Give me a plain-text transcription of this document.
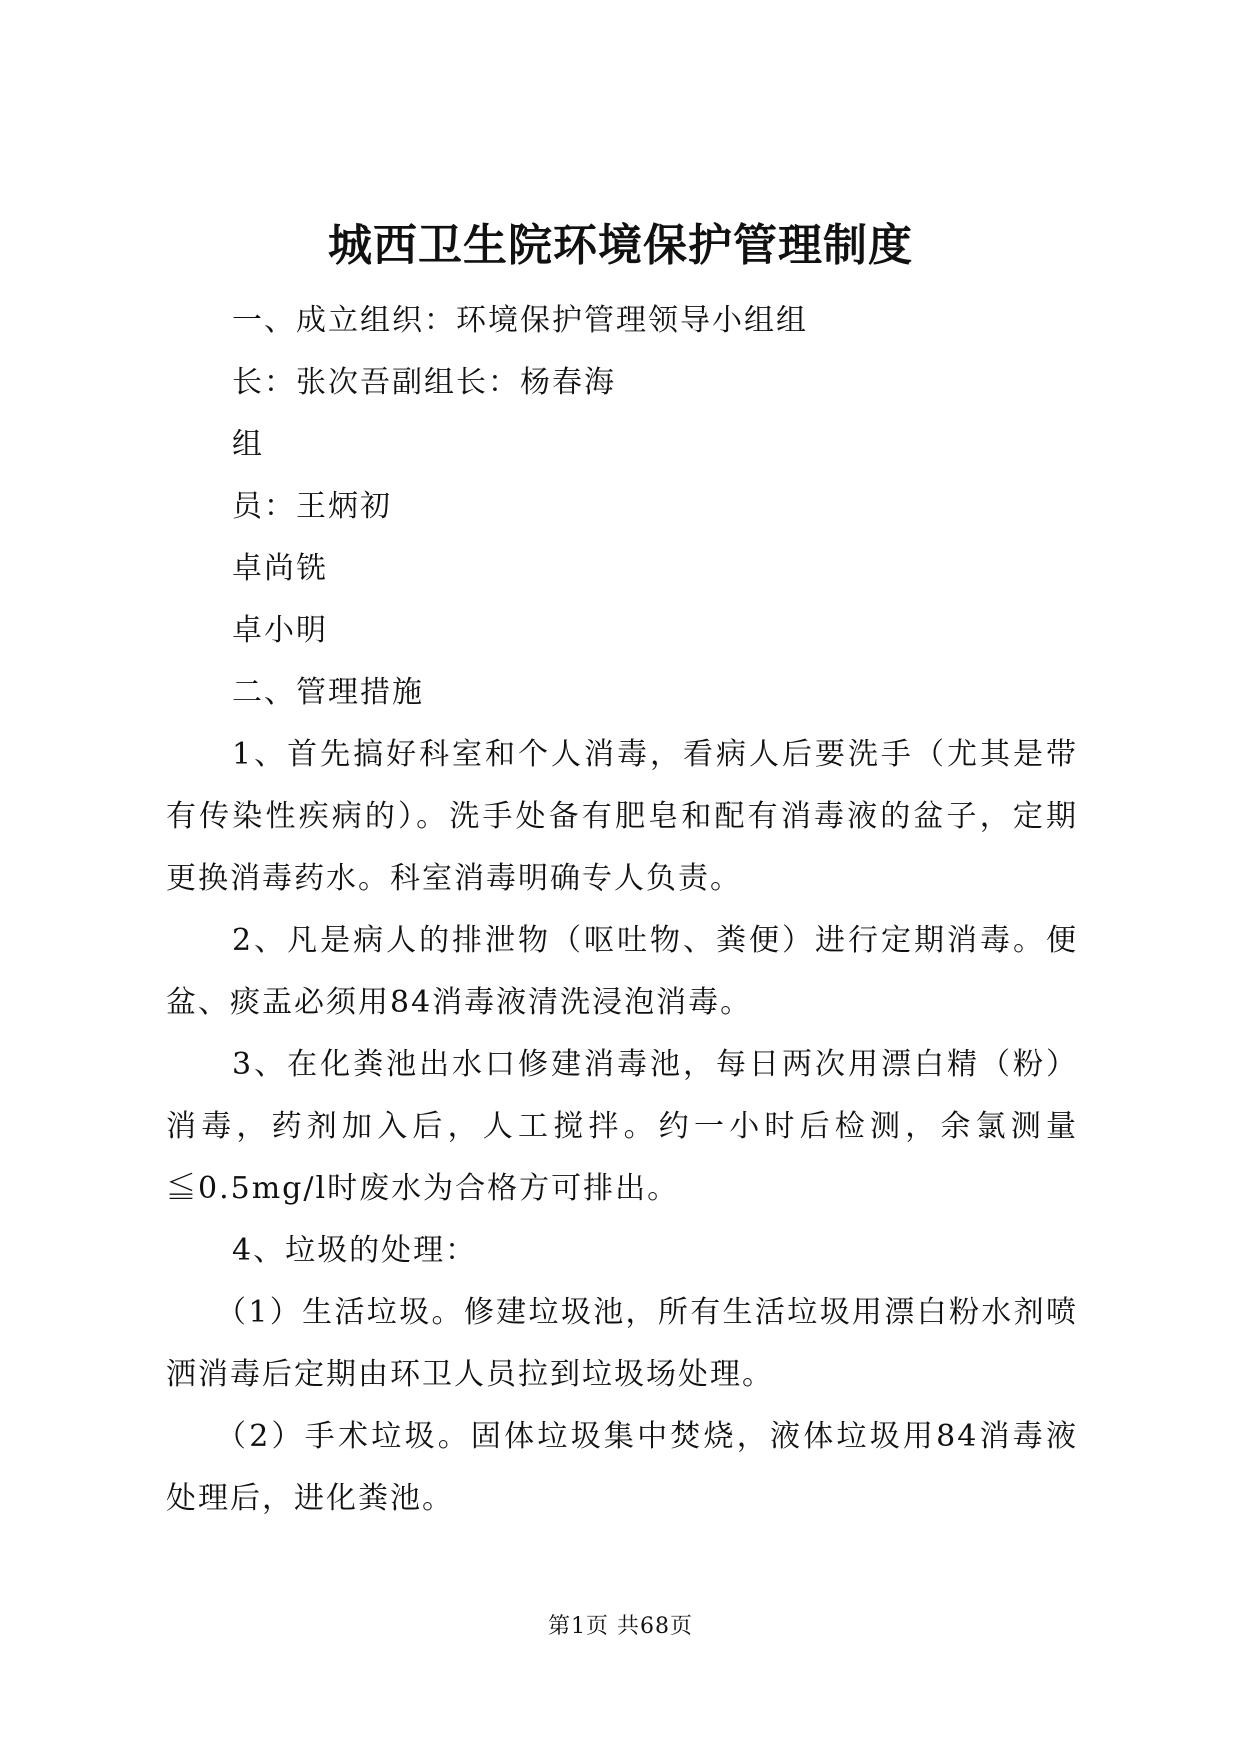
城西卫生院环境保护管理制度

一、成立组织：环境保护管理领导小组组

长：张次吾副组长：杨春海

组

员：王炳初

卓尚铣

卓小明

二、管理措施

1、首先搞好科室和个人消毒，看病人后要洗手（尤其是带有传染性疾病的）。洗手处备有肥皂和配有消毒液的盆子，定期更换消毒药水。科室消毒明确专人负责。

2、凡是病人的排泄物（呕吐物、粪便）进行定期消毒。便盆、痰盂必须用84消毒液清洗浸泡消毒。

3、在化粪池出水口修建消毒池，每日两次用漂白精（粉）消毒，药剂加入后，人工搅拌。约一小时后检测，余氯测量≦0.5mg/l时废水为合格方可排出。

4、垃圾的处理：

（1）生活垃圾。修建垃圾池，所有生活垃圾用漂白粉水剂喷洒消毒后定期由环卫人员拉到垃圾场处理。

（2）手术垃圾。固体垃圾集中焚烧，液体垃圾用84消毒液处理后，进化粪池。

第1页 共68页
